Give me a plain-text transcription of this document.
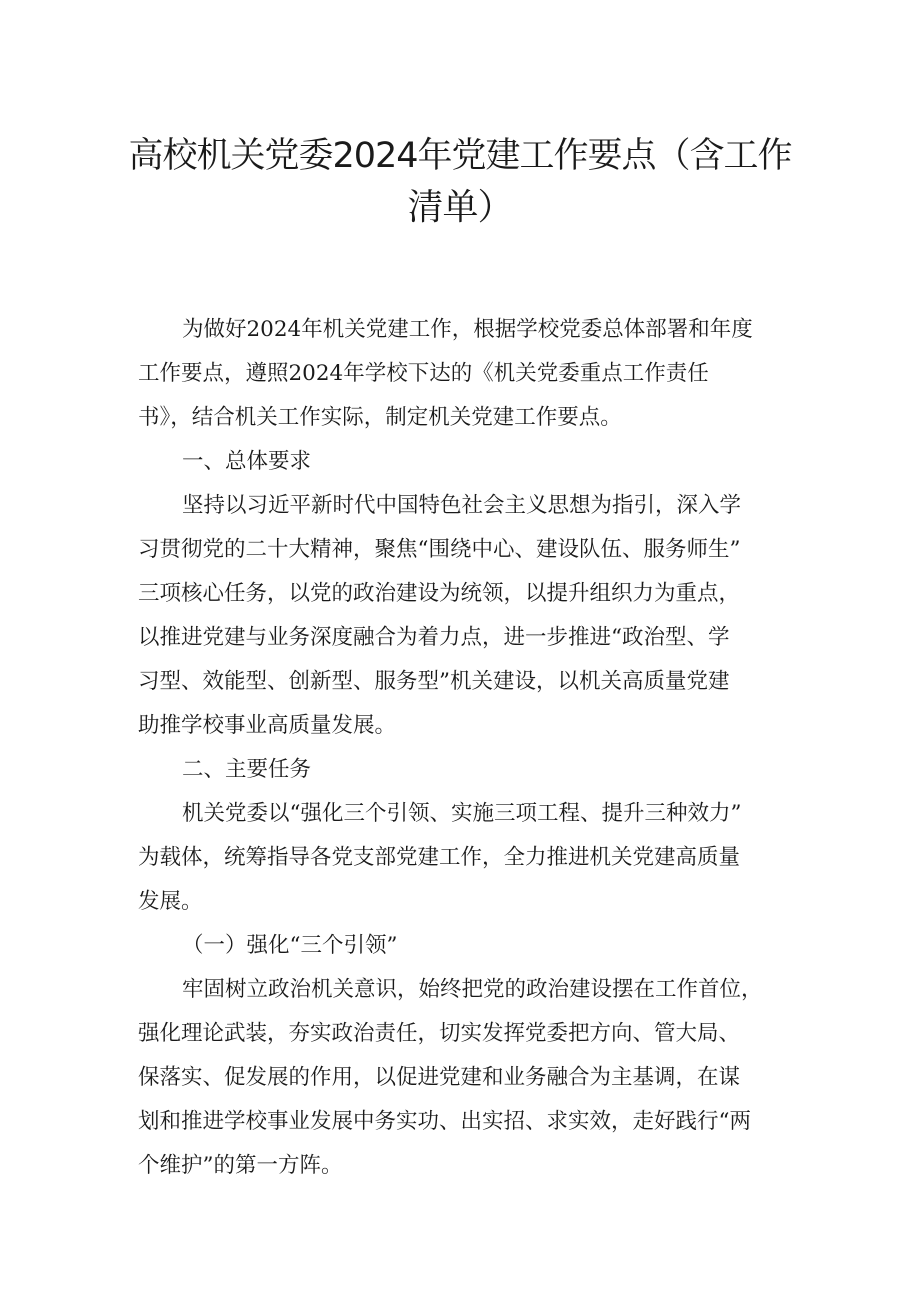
高校机关党委2024年党建工作要点（含工作
清单）

为做好2024年机关党建工作，根据学校党委总体部署和年度

工作要点，遵照2024年学校下达的《机关党委重点工作责任

书》，结合机关工作实际，制定机关党建工作要点。

一、总体要求

坚持以习近平新时代中国特色社会主义思想为指引，深入学

习贯彻党的二十大精神，聚焦“围绕中心、建设队伍、服务师生”

三项核心任务，以党的政治建设为统领，以提升组织力为重点，

以推进党建与业务深度融合为着力点，进一步推进“政治型、学

习型、效能型、创新型、服务型”机关建设，以机关高质量党建

助推学校事业高质量发展。

二、主要任务

机关党委以“强化三个引领、实施三项工程、提升三种效力”

为载体，统筹指导各党支部党建工作，全力推进机关党建高质量

发展。

（一）强化“三个引领”

牢固树立政治机关意识，始终把党的政治建设摆在工作首位，

强化理论武装，夯实政治责任，切实发挥党委把方向、管大局、

保落实、促发展的作用，以促进党建和业务融合为主基调，在谋

划和推进学校事业发展中务实功、出实招、求实效，走好践行“两

个维护”的第一方阵。
